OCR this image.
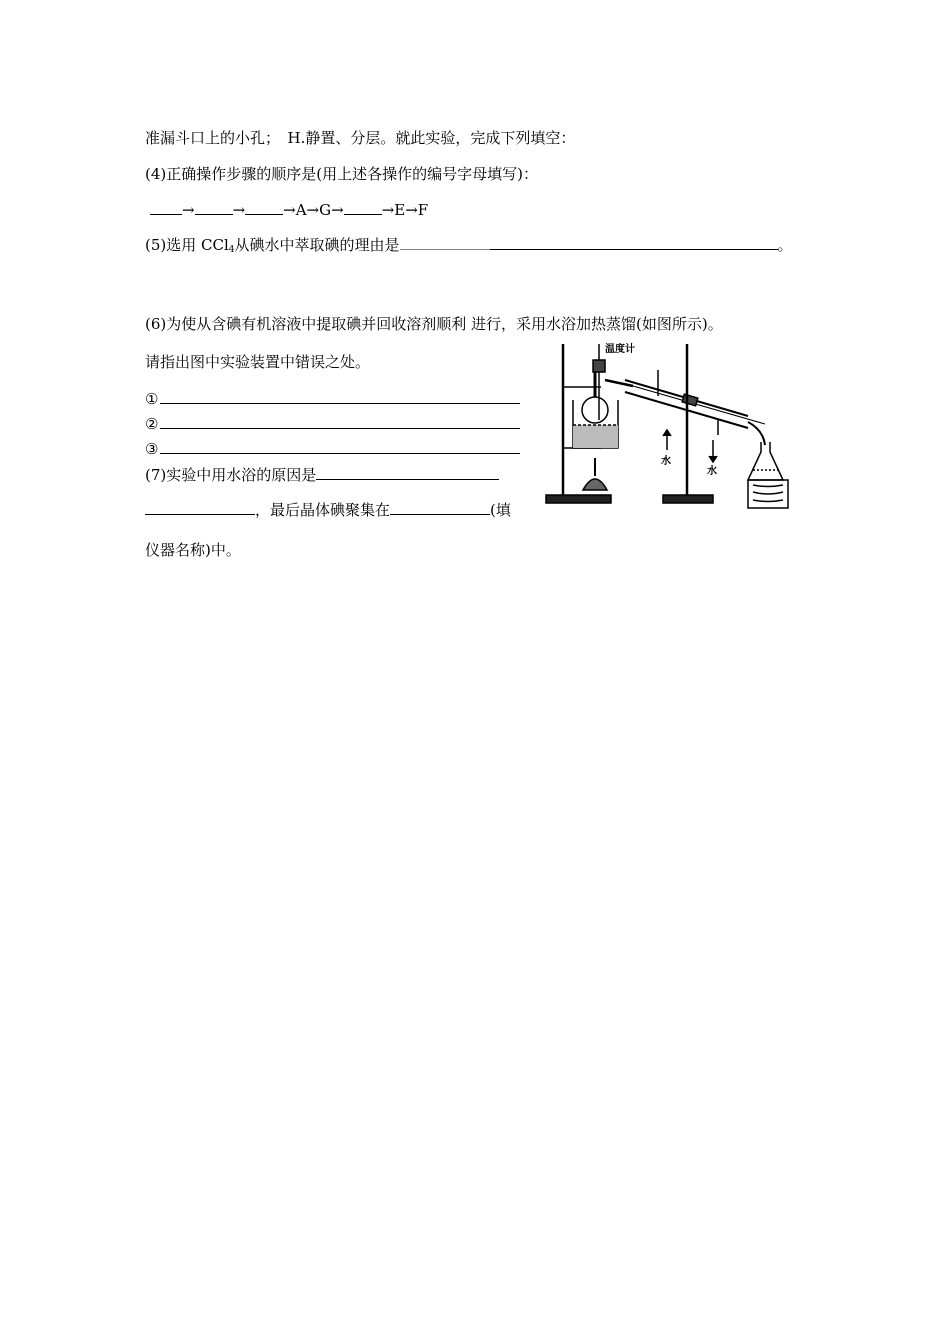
准漏斗口上的小孔；　H.静置、分层。就此实验，完成下列填空：
(4)正确操作步骤的顺序是(用上述各操作的编号字母填写)：
→	→	→A→G→	→E→F
(5)选用 CCl$_4$从碘水中萃取碘的理由是	。
(6)为使从含碘有机溶液中提取碘并回收溶剂顺利 进行，采用水浴加热蒸馏(如图所示)。
请指出图中实验装置中错误之处。
①
②
③
(7)实验中用水浴的原因是
，最后晶体碘聚集在	(填
仪器名称)中。
温度计
水
水
